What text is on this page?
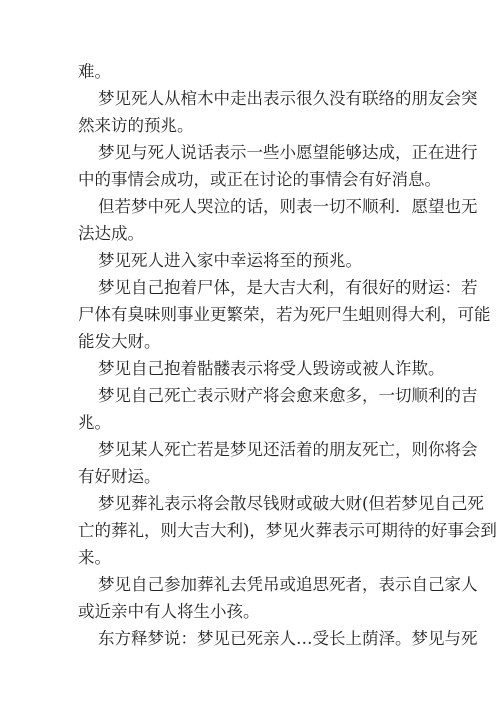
难。
梦见死人从棺木中走出表示很久没有联络的朋友会突
然来访的预兆。
梦见与死人说话表示一些小愿望能够达成，正在进行
中的事情会成功，或正在讨论的事情会有好消息。
但若梦中死人哭泣的话，则表一切不顺利．愿望也无
法达成。
梦见死人进入家中幸运将至的预兆。
梦见自己抱着尸体，是大吉大利，有很好的财运：若
尸体有臭味则事业更繁荣，若为死尸生蛆则得大利，可能
能发大财。
梦见自己抱着骷髅表示将受人毁谤或被人诈欺。
梦见自己死亡表示财产将会愈来愈多，一切顺利的吉
兆。
梦见某人死亡若是梦见还活着的朋友死亡，则你将会
有好财运。
梦见葬礼表示将会散尽钱财或破大财(但若梦见自己死
亡的葬礼，则大吉大利)，梦见火葬表示可期待的好事会到
来。
梦见自己参加葬礼去凭吊或追思死者，表示自己家人
或近亲中有人将生小孩。
东方释梦说：梦见已死亲人…受长上荫泽。梦见与死
